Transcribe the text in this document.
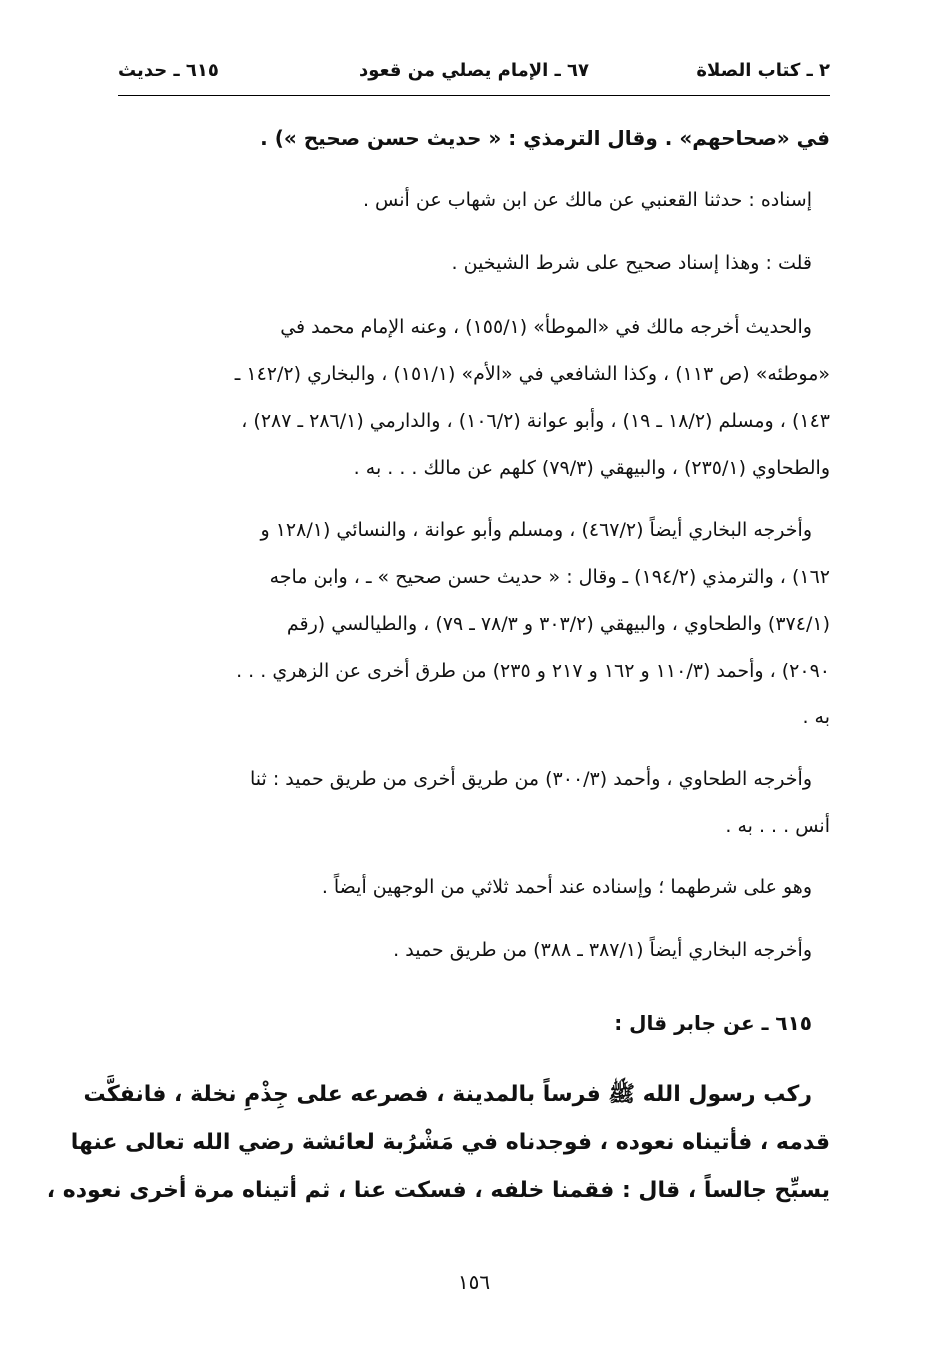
٢ ـ كتاب الصلاة
٦٧ ـ الإمام يصلي من قعود
٦١٥ ـ حديث
في «صحاحهم» . وقال الترمذي : « حديث حسن صحيح ») .
إسناده : حدثنا القعنبي عن مالك عن ابن شهاب عن أنس .
قلت : وهذا إسناد صحيح على شرط الشيخين .
والحديث أخرجه مالك في «الموطأ» (١٥٥/١) ، وعنه الإمام محمد في
«موطئه» (ص ١١٣) ، وكذا الشافعي في «الأم» (١٥١/١) ، والبخاري (١٤٢/٢ ـ
١٤٣) ، ومسلم (١٨/٢ ـ ١٩) ، وأبو عوانة (١٠٦/٢) ، والدارمي (٢٨٦/١ ـ ٢٨٧) ،
والطحاوي (٢٣٥/١) ، والبيهقي (٧٩/٣) كلهم عن مالك . . . به .
وأخرجه البخاري أيضاً (٤٦٧/٢) ، ومسلم وأبو عوانة ، والنسائي (١٢٨/١ و
١٦٢) ، والترمذي (١٩٤/٢) ـ وقال : « حديث حسن صحيح » ـ ، وابن ماجه
(٣٧٤/١) والطحاوي ، والبيهقي (٣٠٣/٢ و ٧٨/٣ ـ ٧٩) ، والطيالسي (رقم
٢٠٩٠) ، وأحمد (١١٠/٣ و ١٦٢ و ٢١٧ و ٢٣٥) من طرق أخرى عن الزهري . . .
به .
وأخرجه الطحاوي ، وأحمد (٣٠٠/٣) من طريق أخرى من طريق حميد : ثنا
أنس . . . به .
وهو على شرطهما ؛ وإسناده عند أحمد ثلاثي من الوجهين أيضاً .
وأخرجه البخاري أيضاً (٣٨٧/١ ـ ٣٨٨) من طريق حميد .
٦١٥ ـ عن جابر قال :
ركب رسول الله ﷺ فرساً بالمدينة ، فصرعه على جِذْمِ نخلة ، فانفكَّت
قدمه ، فأتيناه نعوده ، فوجدناه في مَشْرُبة لعائشة رضي الله تعالى عنها
يسبِّح جالساً ، قال : فقمنا خلفه ، فسكت عنا ، ثم أتيناه مرة أخرى نعوده ،
١٥٦
